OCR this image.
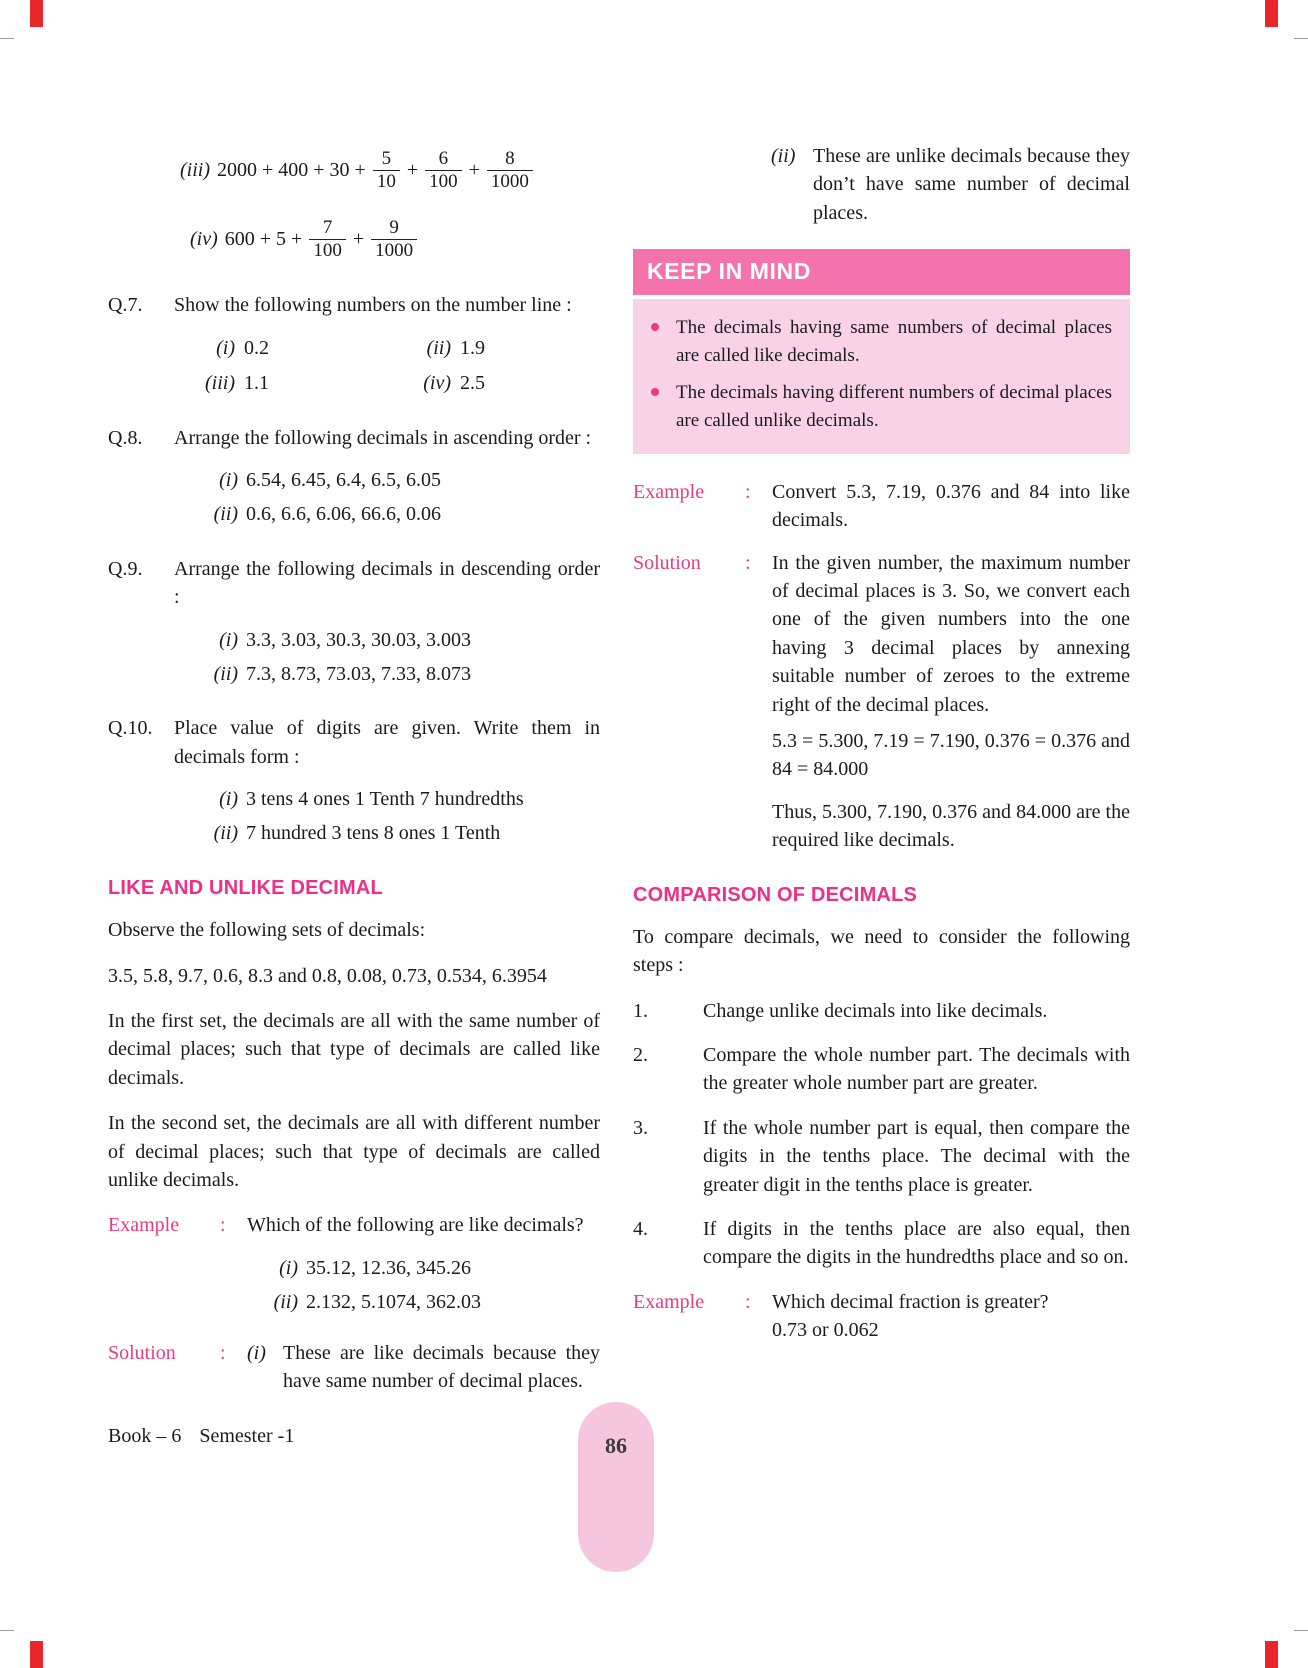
(iii) $2000 + 400 + 30 + \frac{5}{10} + \frac{6}{100} + \frac{8}{1000}$
(iv) $600 + 5 + \frac{7}{100} + \frac{9}{1000}$
Q.7.	Show the following numbers on the number line :
(i) 0.2	(ii) 1.9
(iii) 1.1	(iv) 2.5
Q.8.	Arrange the following decimals in ascending order :
(i) 6.54, 6.45, 6.4, 6.5, 6.05
(ii) 0.6, 6.6, 6.06, 66.6, 0.06
Q.9.	Arrange the following decimals in descending order :
(i) 3.3, 3.03, 30.3, 30.03, 3.003
(ii) 7.3, 8.73, 73.03, 7.33, 8.073
Q.10.	Place value of digits are given. Write them in decimals form :
(i) 3 tens 4 ones 1 Tenth 7 hundredths
(ii) 7 hundred 3 tens 8 ones 1 Tenth
LIKE AND UNLIKE DECIMAL
Observe the following sets of decimals:
3.5, 5.8, 9.7, 0.6, 8.3 and 0.8, 0.08, 0.73, 0.534, 6.3954
In the first set, the decimals are all with the same number of decimal places; such that type of decimals are called like decimals.
In the second set, the decimals are all with different number of decimal places; such that type of decimals are called unlike decimals.
Example	:	Which of the following are like decimals?
(i) 35.12, 12.36, 345.26
(ii) 2.132, 5.1074, 362.03
Solution	:	(i) These are like decimals because they have same number of decimal places.
(ii) These are unlike decimals because they don’t have same number of decimal places.
KEEP IN MIND
The decimals having same numbers of decimal places are called like decimals.
The decimals having different numbers of decimal places are called unlike decimals.
Example	:	Convert 5.3, 7.19, 0.376 and 84 into like decimals.
Solution	:	In the given number, the maximum number of decimal places is 3. So, we convert each one of the given numbers into the one having 3 decimal places by annexing suitable number of zeroes to the extreme right of the decimal places.
5.3 = 5.300, 7.19 = 7.190, 0.376 = 0.376 and 84 = 84.000
Thus, 5.300, 7.190, 0.376 and 84.000 are the required like decimals.
COMPARISON OF DECIMALS
To compare decimals, we need to consider the following steps :
1.	Change unlike decimals into like decimals.
2.	Compare the whole number part. The decimals with the greater whole number part are greater.
3.	If the whole number part is equal, then compare the digits in the tenths place. The decimal with the greater digit in the tenths place is greater.
4.	If digits in the tenths place are also equal, then compare the digits in the hundredths place and so on.
Example	:	Which decimal fraction is greater?
0.73 or 0.062
Book – 6 Semester -1	86
